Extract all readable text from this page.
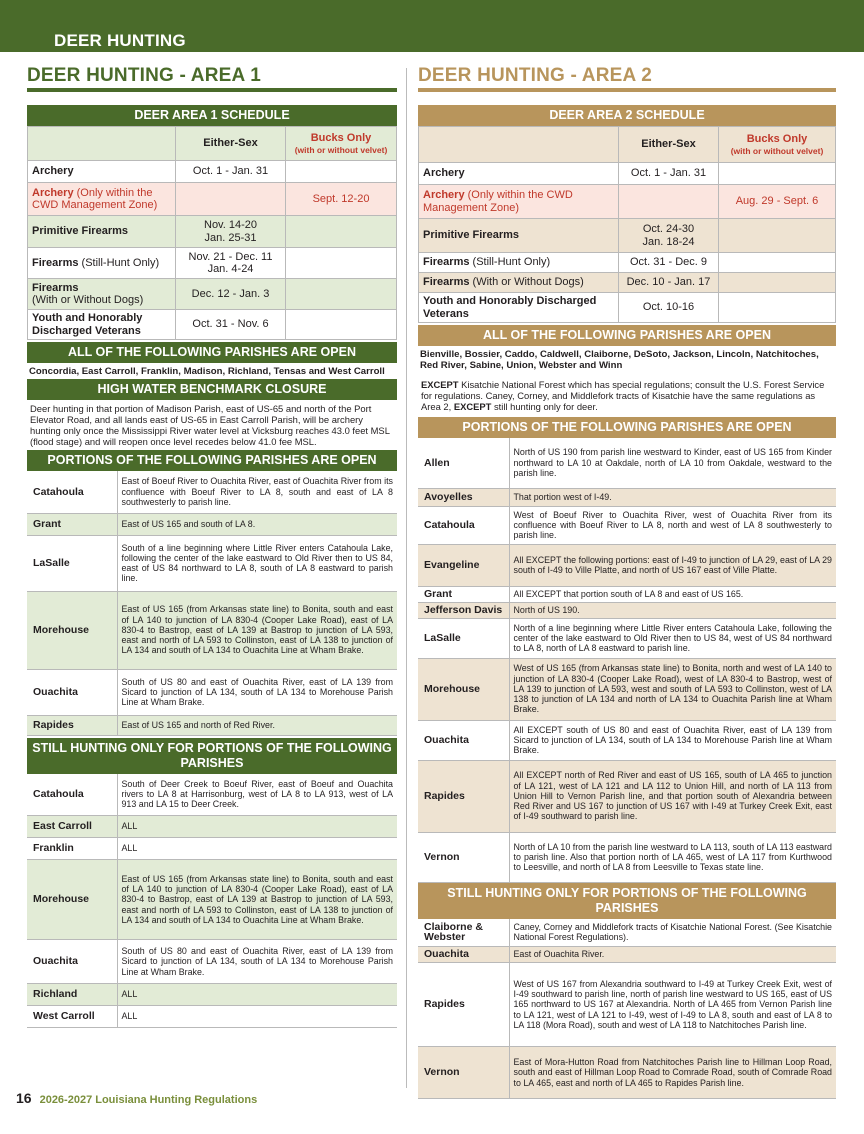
DEER HUNTING
DEER HUNTING - AREA 1
DEER AREA 1 SCHEDULE
	Either-Sex	Bucks Only
(with or without velvet)

Archery	Oct. 1 - Jan. 31	
Archery (Only within the CWD Management Zone)		Sept. 12-20
Primitive Firearms	Nov. 14-20
Jan. 25-31	
Firearms (Still-Hunt Only)	Nov. 21 - Dec. 11
Jan. 4-24	
Firearms
(With or Without Dogs)	Dec. 12 - Jan. 3	
Youth and Honorably Discharged Veterans	Oct. 31 - Nov. 6	
ALL OF THE FOLLOWING PARISHES ARE OPEN
Concordia, East Carroll, Franklin, Madison, Richland, Tensas and West Carroll
HIGH WATER BENCHMARK CLOSURE
Deer hunting in that portion of Madison Parish, east of US-65 and north of the Port Elevator Road, and all lands east of US-65 in East Carroll Parish, will be archery hunting only once the Mississippi River water level at Vicksburg reaches 43.0 feet MSL (flood stage) and will reopen once level recedes below 41.0 fee MSL.
PORTIONS OF THE FOLLOWING PARISHES ARE OPEN
Catahoula	East of Boeuf River to Ouachita River, east of Ouachita River from its confluence with Boeuf River to LA 8, south and east of LA 8 southwesterly to parish line.
Grant	East of US 165 and south of LA 8.
LaSalle	South of a line beginning where Little River enters Catahoula Lake, following the center of the lake eastward to Old River then to US 84, east of US 84 northward to LA 8, south of LA 8 eastward to parish line.
Morehouse	East of US 165 (from Arkansas state line) to Bonita, south and east of LA 140 to junction of LA 830-4 (Cooper Lake Road), east of LA 830-4 to Bastrop, east of LA 139 at Bastrop to junction of LA 593, east and north of LA 593 to Collinston, east of LA 138 to junction of LA 134 and south of LA 134 to Ouachita Line at Wham Brake.
Ouachita	South of US 80 and east of Ouachita River, east of LA 139 from Sicard to junction of LA 134, south of LA 134 to Morehouse Parish Line at Wham Brake.
Rapides	East of US 165 and north of Red River.
STILL HUNTING ONLY FOR PORTIONS OF THE FOLLOWING PARISHES
Catahoula	South of Deer Creek to Boeuf River, east of Boeuf and Ouachita rivers to LA 8 at Harrisonburg, west of LA 8 to LA 913, west of LA 913 and LA 15 to Deer Creek.
East Carroll	ALL
Franklin	ALL
Morehouse	East of US 165 (from Arkansas state line) to Bonita, south and east of LA 140 to junction of LA 830-4 (Cooper Lake Road), east of LA 830-4 to Bastrop, east of LA 139 at Bastrop to junction of LA 593, east and north of LA 593 to Collinston, east of LA 138 to junction of LA 134 and south of LA 134 to Ouachita Line at Wham Brake.
Ouachita	South of US 80 and east of Ouachita River, east of LA 139 from Sicard to junction of LA 134, south of LA 134 to Morehouse Parish Line at Wham Brake.
Richland	ALL
West Carroll	ALL
DEER HUNTING - AREA 2
DEER AREA 2 SCHEDULE
	Either-Sex	Bucks Only
(with or without velvet)

Archery	Oct. 1 - Jan. 31	
Archery (Only within the CWD Management Zone)		Aug. 29 - Sept. 6
Primitive Firearms	Oct. 24-30
Jan. 18-24	
Firearms (Still-Hunt Only)	Oct. 31 - Dec. 9	
Firearms (With or Without Dogs)	Dec. 10 - Jan. 17	
Youth and Honorably Discharged Veterans	Oct. 10-16	
ALL OF THE FOLLOWING PARISHES ARE OPEN
Bienville, Bossier, Caddo, Caldwell, Claiborne, DeSoto, Jackson, Lincoln, Natchitoches, Red River, Sabine, Union, Webster and Winn
EXCEPT Kisatchie National Forest which has special regulations; consult the U.S. Forest Service for regulations. Caney, Corney, and Middlefork tracts of Kisatchie have the same regulations as Area 2, EXCEPT still hunting only for deer.
PORTIONS OF THE FOLLOWING PARISHES ARE OPEN
Allen	North of US 190 from parish line westward to Kinder, east of US 165 from Kinder northward to LA 10 at Oakdale, north of LA 10 from Oakdale, westward to the parish line.
Avoyelles	That portion west of I-49.
Catahoula	West of Boeuf River to Ouachita River, west of Ouachita River from its confluence with Boeuf River to LA 8, north and west of LA 8 southwesterly to parish line.
Evangeline	All EXCEPT the following portions: east of I-49 to junction of LA 29, east of LA 29 south of I-49 to Ville Platte, and north of US 167 east of Ville Platte.
Grant	All EXCEPT that portion south of LA 8 and east of US 165.
Jefferson Davis	North of US 190.
LaSalle	North of a line beginning where Little River enters Catahoula Lake, following the center of the lake eastward to Old River then to US 84, west of US 84 northward to LA 8, north of LA 8 eastward to parish line.
Morehouse	West of US 165 (from Arkansas state line) to Bonita, north and west of LA 140 to junction of LA 830-4 (Cooper Lake Road), west of LA 830-4 to Bastrop, west of LA 139 to junction of LA 593, west and south of LA 593 to Collinston, west of LA 138 to junction of LA 134 and north of LA 134 to Ouachita Parish line at Wham Brake.
Ouachita	All EXCEPT south of US 80 and east of Ouachita River, east of LA 139 from Sicard to junction of LA 134, south of LA 134 to Morehouse Parish line at Wham Brake.
Rapides	All EXCEPT north of Red River and east of US 165, south of LA 465 to junction of LA 121, west of LA 121 and LA 112 to Union Hill, and north of LA 113 from Union Hill to Vernon Parish line, and that portion south of Alexandria between Red River and US 167 to junction of US 167 with I-49 at Turkey Creek Exit, east of I-49 southward to parish line.
Vernon	North of LA 10 from the parish line westward to LA 113, south of LA 113 eastward to parish line. Also that portion north of LA 465, west of LA 117 from Kurthwood to Leesville, and north of LA 8 from Leesville to Texas state line.
STILL HUNTING ONLY FOR PORTIONS OF THE FOLLOWING PARISHES
Claiborne & Webster	Caney, Corney and Middlefork tracts of Kisatchie National Forest. (See Kisatchie National Forest Regulations).
Ouachita	East of Ouachita River.
Rapides	West of US 167 from Alexandria southward to I-49 at Turkey Creek Exit, west of I-49 southward to parish line, north of parish line westward to US 165, east of US 165 northward to US 167 at Alexandria. North of LA 465 from Vernon Parish line to LA 121, west of LA 121 to I-49, west of I-49 to LA 8, south and east of LA 8 to LA 118 (Mora Road), south and west of LA 118 to Natchitoches Parish line.
Vernon	East of Mora-Hutton Road from Natchitoches Parish line to Hillman Loop Road, south and east of Hillman Loop Road to Comrade Road, south of Comrade Road to LA 465, east and north of LA 465 to Rapides Parish line.
16 2026-2027 Louisiana Hunting Regulations
